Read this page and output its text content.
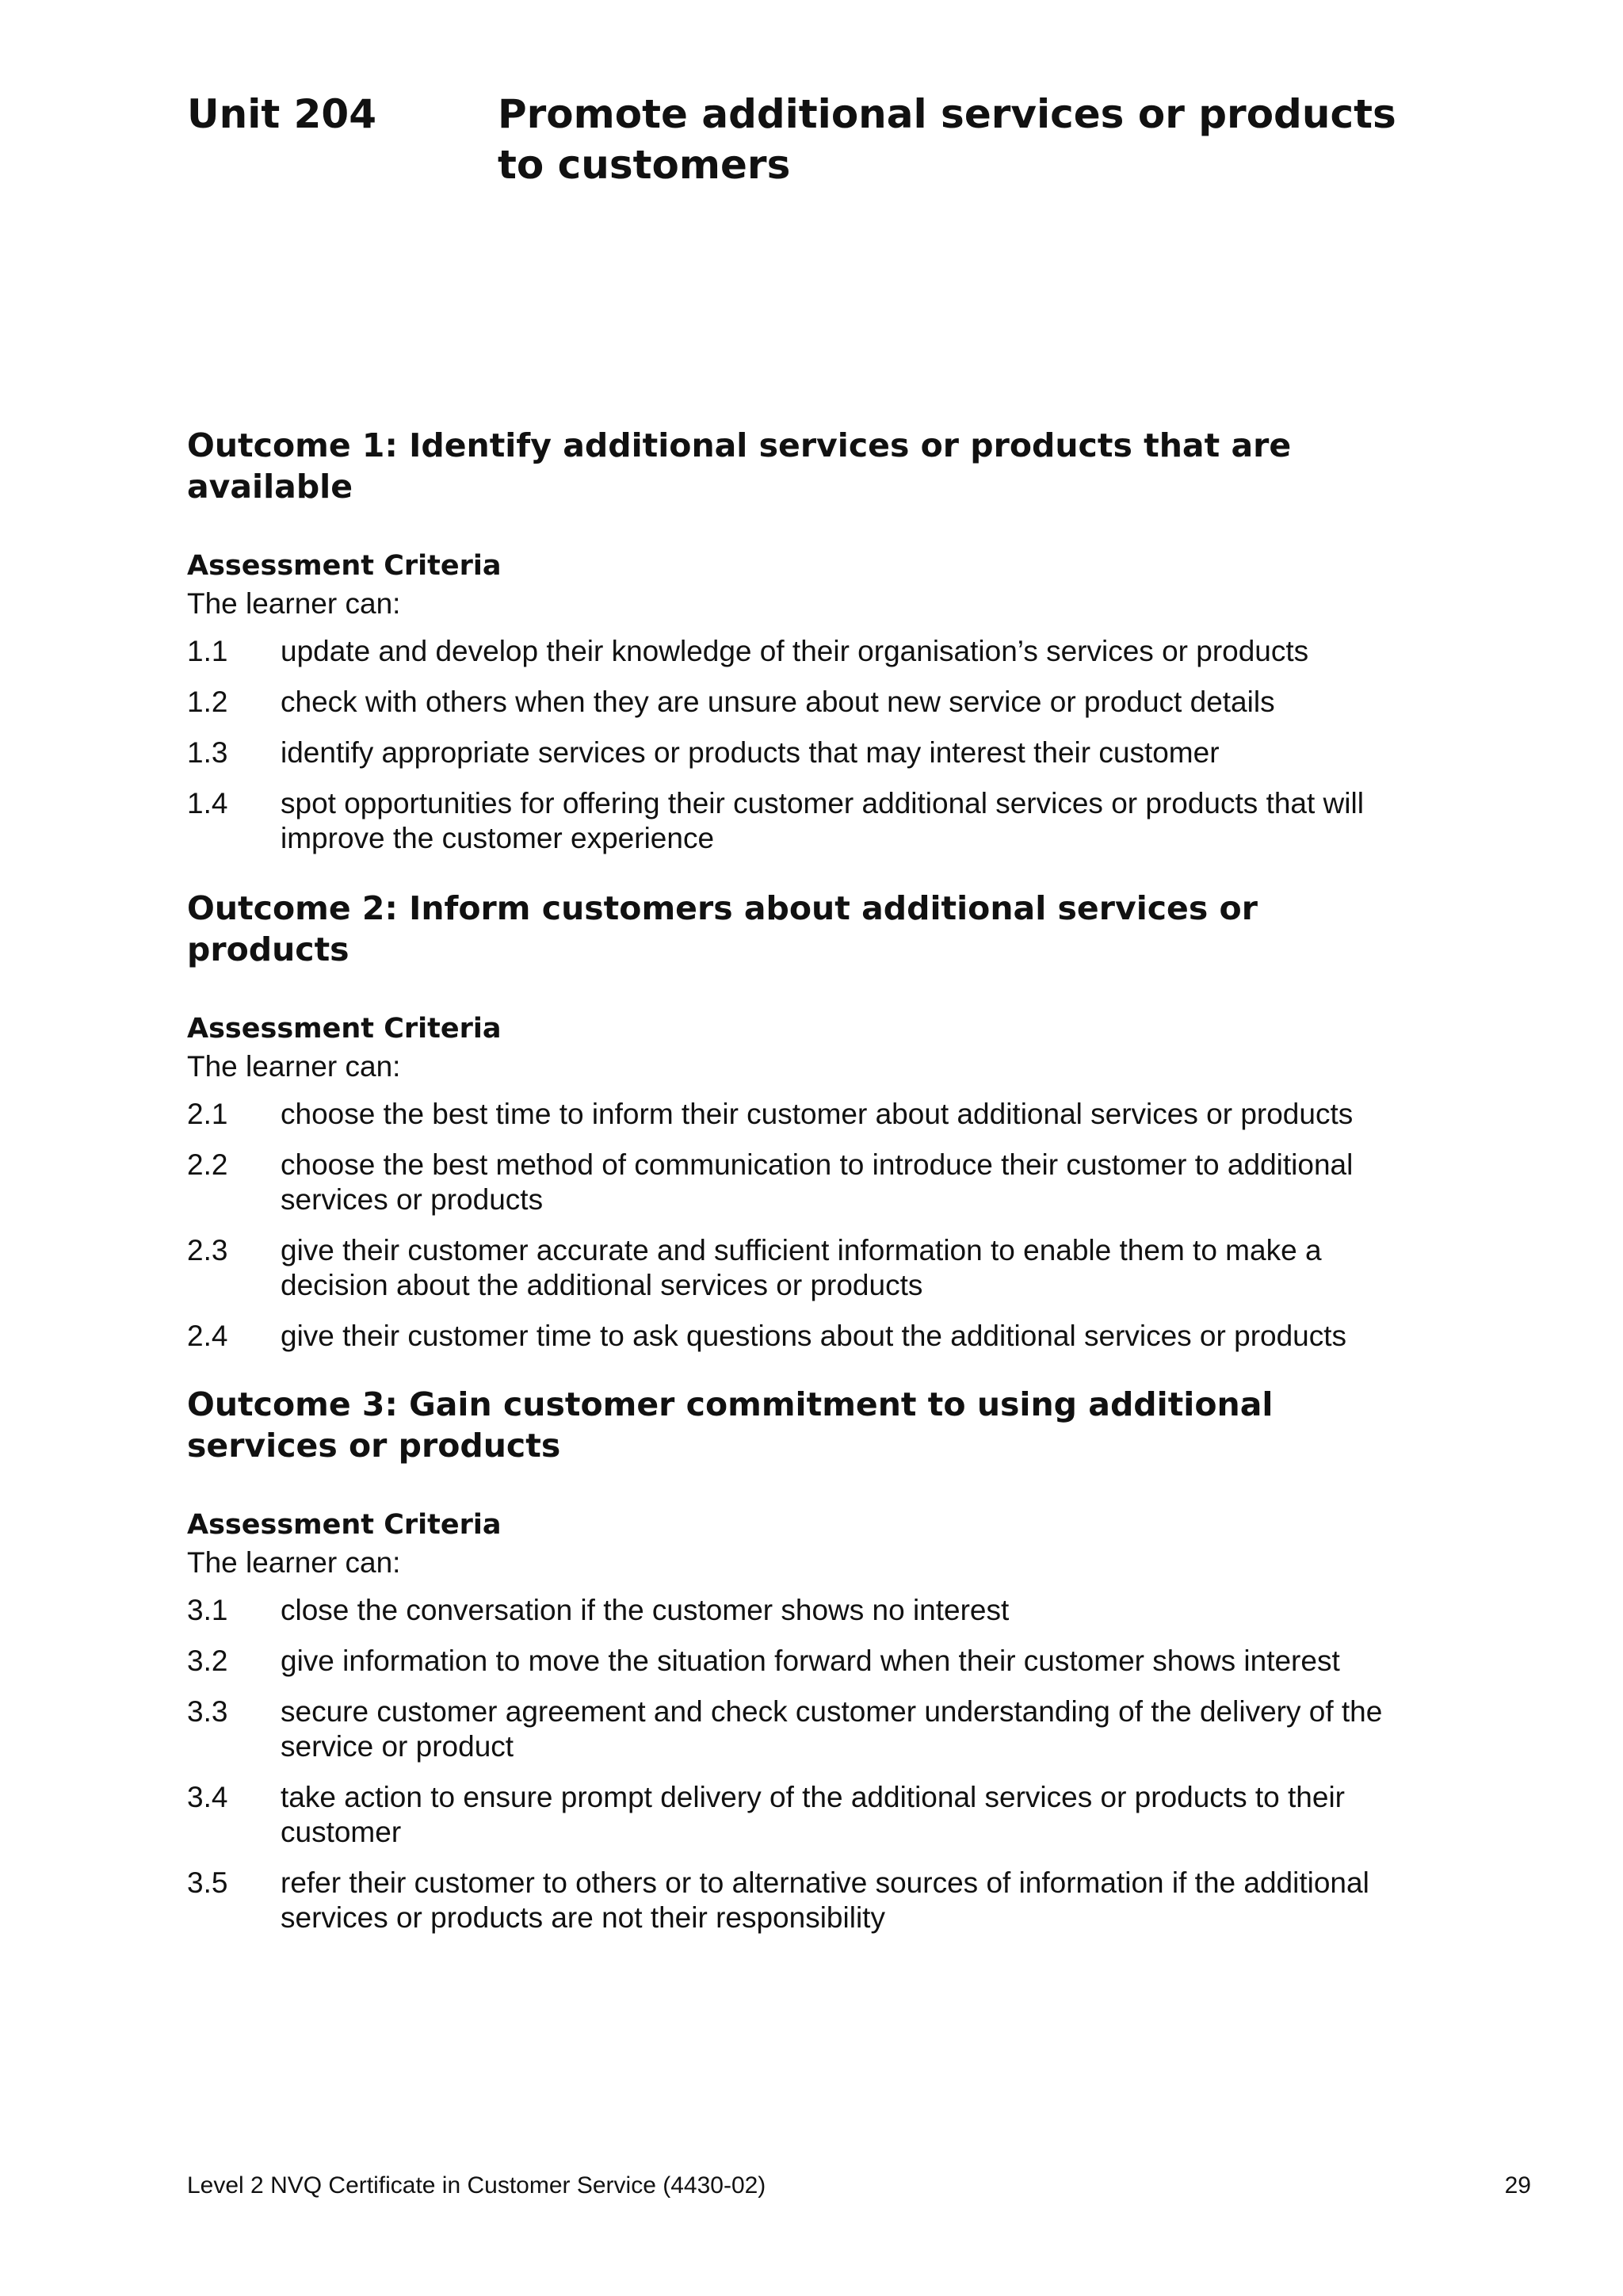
Unit 204	Promote additional services or products to customers
Outcome 1: Identify additional services or products that are available
Assessment Criteria
The learner can:
1.1	update and develop their knowledge of their organisation’s services or products
1.2	check with others when they are unsure about new service or product details
1.3	identify appropriate services or products that may interest their customer
1.4	spot opportunities for offering their customer additional services or products that will improve the customer experience
Outcome 2: Inform customers about additional services or products
Assessment Criteria
The learner can:
2.1	choose the best time to inform their customer about additional services or products
2.2	choose the best method of communication to introduce their customer to additional services or products
2.3	give their customer accurate and sufficient information to enable them to make a decision about the additional services or products
2.4	give their customer time to ask questions about the additional services or products
Outcome 3: Gain customer commitment to using additional services or products
Assessment Criteria
The learner can:
3.1	close the conversation if the customer shows no interest
3.2	give information to move the situation forward when their customer shows interest
3.3	secure customer agreement and check customer understanding of the delivery of the service or product
3.4	take action to ensure prompt delivery of the additional services or products to their customer
3.5	refer their customer to others or to alternative sources of information if the additional services or products are not their responsibility
Level 2 NVQ Certificate in Customer Service (4430-02)	29
